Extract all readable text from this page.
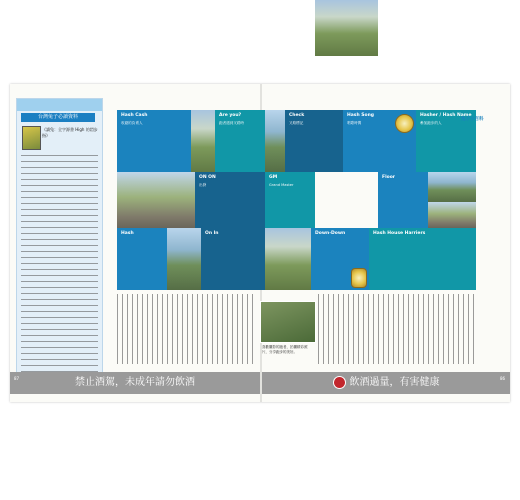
台灣兔子必讀資料
《讀兔：全字源書 High 的悶步 指》
Hash Cash
收錢的負責人
Are you?
跑者遇到叉路時
Check
叉路標記
Hash Song
唱歌時間
Hasher / Hash Name
參加跑步的人
兔子小百科
ON ON
出發
GM
Grand Master
Floor
Hash	On In	Down-Down	Hash House Harriers
喜歡攝影的跑者，拍攝精彩照片，分享跑步的美好。
禁止酒駕，未成年請勿飲酒	飲酒過量，有害健康
87	86
